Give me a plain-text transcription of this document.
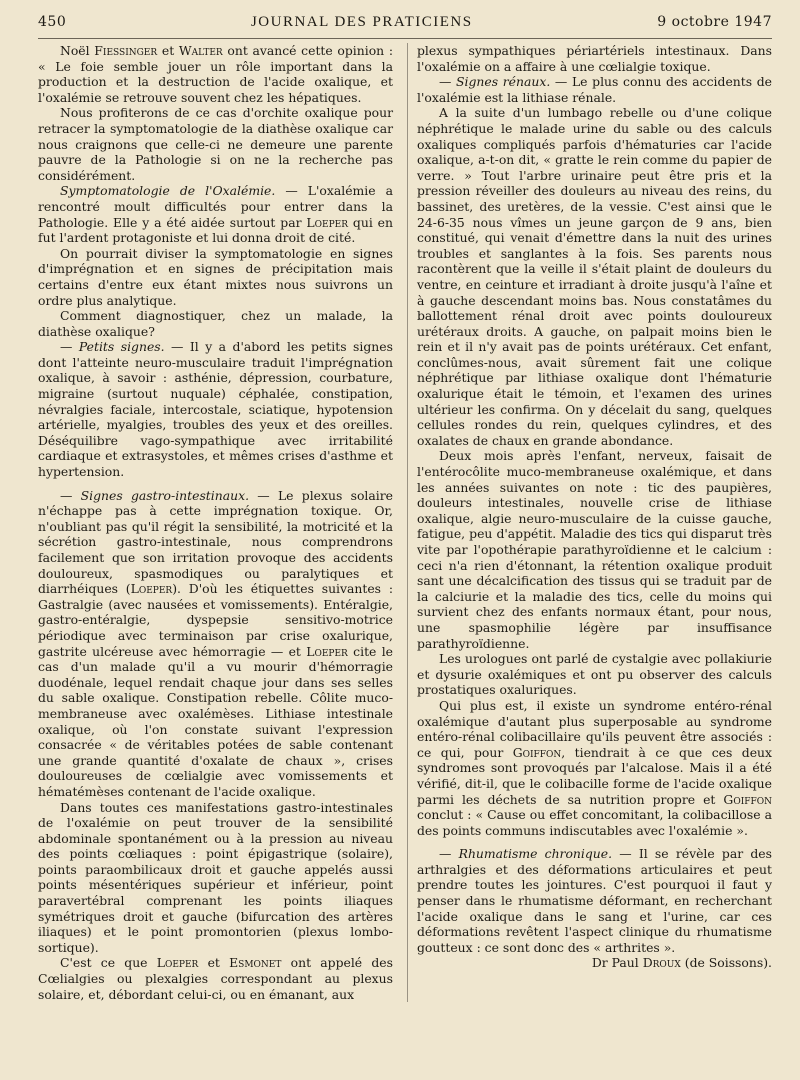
450	JOURNAL DES PRATICIENS	9 octobre 1947

Noël Fiessinger et Walter ont avancé cette opinion : « Le foie semble jouer un rôle important dans la production et la destruction de l'acide oxalique, et l'oxalémie se retrouve souvent chez les hépatiques.

Nous profiterons de ce cas d'orchite oxalique pour retracer la symptomatologie de la diathèse oxalique car nous craignons que celle-ci ne demeure une parente pauvre de la Pathologie si on ne la recherche pas considérément.

Symptomatologie de l'Oxalémie. — L'oxalémie a rencontré moult difficultés pour entrer dans la Pathologie. Elle y a été aidée surtout par Loeper qui en fut l'ardent protagoniste et lui donna droit de cité.

On pourrait diviser la symptomatologie en signes d'imprégnation et en signes de précipitation mais certains d'entre eux étant mixtes nous suivrons un ordre plus analytique.

Comment diagnostiquer, chez un malade, la diathèse oxalique?

— Petits signes. — Il y a d'abord les petits signes dont l'atteinte neuro-musculaire traduit l'imprégnation oxalique, à savoir : asthénie, dépression, courbature, migraine (surtout nuquale) céphalée, constipation, névralgies faciale, intercostale, sciatique, hypotension artérielle, myalgies, troubles des yeux et des oreilles. Déséquilibre vago-sympathique avec irritabilité cardiaque et extrasystoles, et mêmes crises d'asthme et hypertension.

— Signes gastro-intestinaux. — Le plexus solaire n'échappe pas à cette imprégnation toxique. Or, n'oubliant pas qu'il régit la sensibilité, la motricité et la sécrétion gastro-intestinale, nous comprendrons facilement que son irritation provoque des accidents douloureux, spasmodiques ou paralytiques et diarrhéiques (Loeper). D'où les étiquettes suivantes : Gastralgie (avec nausées et vomissements). Entéralgie, gastro-entéralgie, dyspepsie sensitivo-motrice périodique avec terminaison par crise oxalurique, gastrite ulcéreuse avec hémorragie — et Loeper cite le cas d'un malade qu'il a vu mourir d'hémorragie duodénale, lequel rendait chaque jour dans ses selles du sable oxalique. Constipation rebelle. Côlite muco-membraneuse avec oxalémèses. Lithiase intestinale oxalique, où l'on constate suivant l'expression consacrée « de véritables potées de sable contenant une grande quantité d'oxalate de chaux », crises douloureuses de cœlialgie avec vomissements et hématémèses contenant de l'acide oxalique.

Dans toutes ces manifestations gastro-intestinales de l'oxalémie on peut trouver de la sensibilité abdominale spontanément ou à la pression au niveau des points cœliaques : point épigastrique (solaire), points paraombilicaux droit et gauche appelés aussi points mésentériques supérieur et inférieur, point paravertébral comprenant les points iliaques symétriques droit et gauche (bifurcation des artères iliaques) et le point promontorien (plexus lombo-sortique).

C'est ce que Loeper et Esmonet ont appelé des Cœlialgies ou plexalgies correspondant au plexus solaire, et, débordant celui-ci, ou en émanant, aux

plexus sympathiques périartériels intestinaux. Dans l'oxalémie on a affaire à une cœlialgie toxique.

— Signes rénaux. — Le plus connu des accidents de l'oxalémie est la lithiase rénale.

A la suite d'un lumbago rebelle ou d'une colique néphrétique le malade urine du sable ou des calculs oxaliques compliqués parfois d'hématuries car l'acide oxalique, a-t-on dit, « gratte le rein comme du papier de verre. » Tout l'arbre urinaire peut être pris et la pression réveiller des douleurs au niveau des reins, du bassinet, des uretères, de la vessie. C'est ainsi que le 24-6-35 nous vîmes un jeune garçon de 9 ans, bien constitué, qui venait d'émettre dans la nuit des urines troubles et sanglantes à la fois. Ses parents nous racontèrent que la veille il s'était plaint de douleurs du ventre, en ceinture et irradiant à droite jusqu'à l'aîne et à gauche descendant moins bas. Nous constatâmes du ballottement rénal droit avec points douloureux urétéraux droits. A gauche, on palpait moins bien le rein et il n'y avait pas de points urétéraux. Cet enfant, conclûmes-nous, avait sûrement fait une colique néphrétique par lithiase oxalique dont l'hématurie oxalurique était le témoin, et l'examen des urines ultérieur les confirma. On y décelait du sang, quelques cellules rondes du rein, quelques cylindres, et des oxalates de chaux en grande abondance.

Deux mois après l'enfant, nerveux, faisait de l'entérocôlite muco-membraneuse oxalémique, et dans les années suivantes on note : tic des paupières, douleurs intestinales, nouvelle crise de lithiase oxalique, algie neuro-musculaire de la cuisse gauche, fatigue, peu d'appétit. Maladie des tics qui disparut très vite par l'opothérapie parathyroïdienne et le calcium : ceci n'a rien d'étonnant, la rétention oxalique produit sant une décalcification des tissus qui se traduit par de la calciurie et la maladie des tics, celle du moins qui survient chez des enfants normaux étant, pour nous, une spasmophilie légère par insuffisance parathyroïdienne.

Les urologues ont parlé de cystalgie avec pollakiurie et dysurie oxalémiques et ont pu observer des calculs prostatiques oxaluriques.

Qui plus est, il existe un syndrome entéro-rénal oxalémique d'autant plus superposable au syndrome entéro-rénal colibacillaire qu'ils peuvent être associés : ce qui, pour Goiffon, tiendrait à ce que ces deux syndromes sont provoqués par l'alcalose. Mais il a été vérifié, dit-il, que le colibacille forme de l'acide oxalique parmi les déchets de sa nutrition propre et Goiffon conclut : « Cause ou effet concomitant, la colibacillose a des points communs indiscutables avec l'oxalémie ».

— Rhumatisme chronique. — Il se révèle par des arthralgies et des déformations articulaires et peut prendre toutes les jointures. C'est pourquoi il faut y penser dans le rhumatisme déformant, en recherchant l'acide oxalique dans le sang et l'urine, car ces déformations revêtent l'aspect clinique du rhumatisme goutteux : ce sont donc des « arthrites ».

Dr Paul Droux (de Soissons).
